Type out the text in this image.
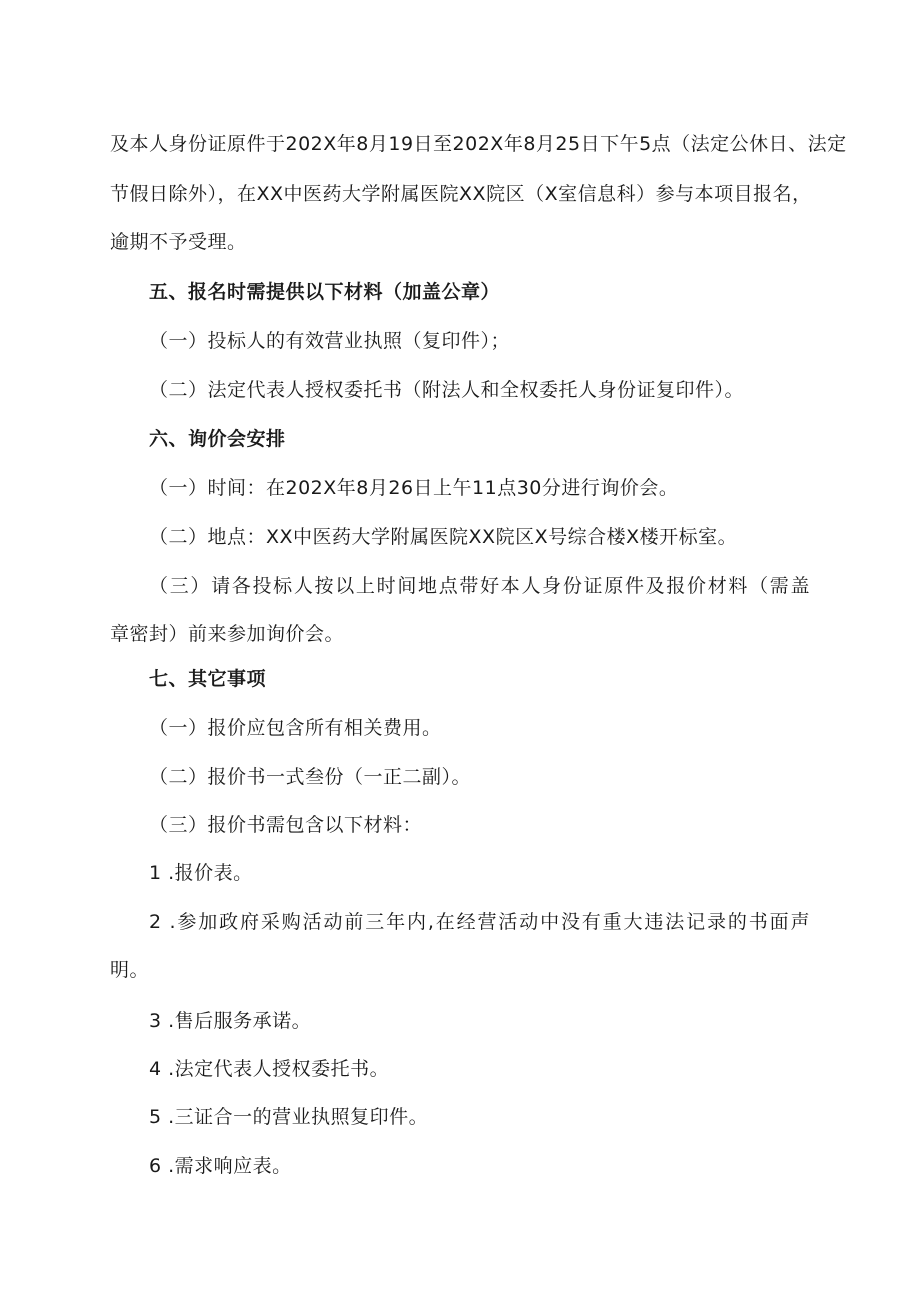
及本人身份证原件于202X年8月19日至202X年8月25日下午5点（法定公休日、法定
节假日除外），在XX中医药大学附属医院XX院区（X室信息科）参与本项目报名，
逾期不予受理。
五、报名时需提供以下材料（加盖公章）
（一）投标人的有效营业执照（复印件）；
（二）法定代表人授权委托书（附法人和全权委托人身份证复印件）。
六、询价会安排
（一）时间：在202X年8月26日上午11点30分进行询价会。
（二）地点：XX中医药大学附属医院XX院区X号综合楼X楼开标室。
（三）请各投标人按以上时间地点带好本人身份证原件及报价材料（需盖
章密封）前来参加询价会。
七、其它事项
（一）报价应包含所有相关费用。
（二）报价书一式叁份（一正二副）。
（三）报价书需包含以下材料：
1 .报价表。
2 .参加政府采购活动前三年内,在经营活动中没有重大违法记录的书面声
明。
3 .售后服务承诺。
4 .法定代表人授权委托书。
5 .三证合一的营业执照复印件。
6 .需求响应表。
